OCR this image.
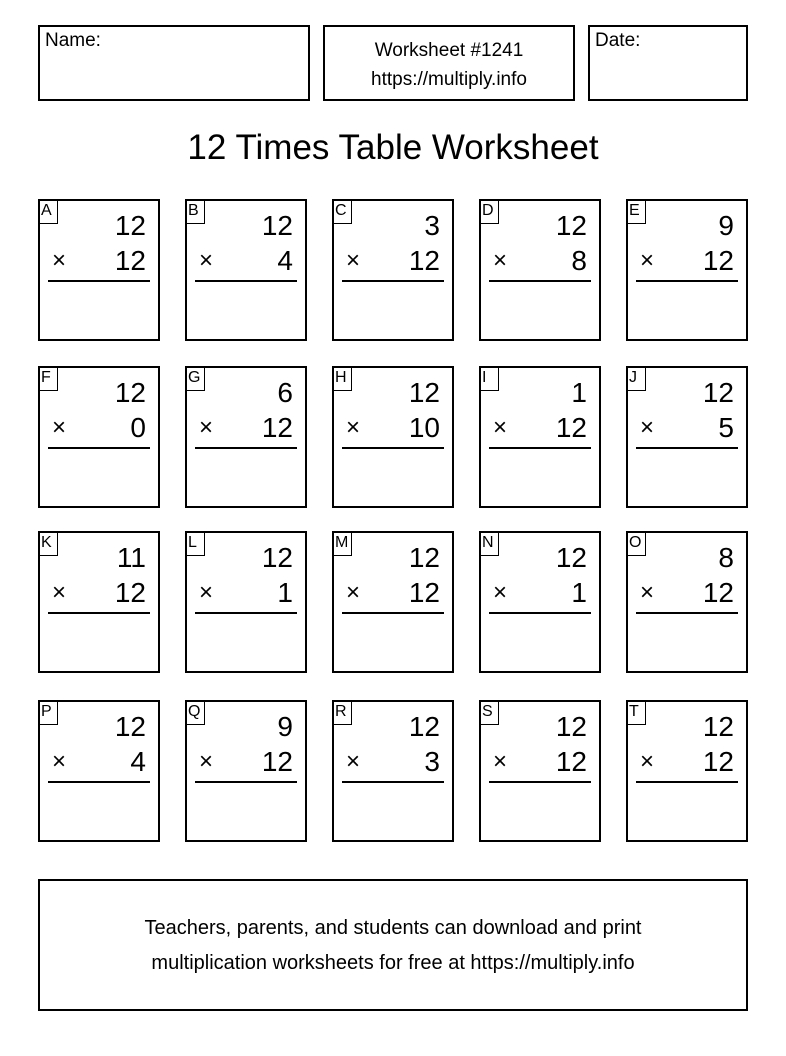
Name:	Worksheet #1241
https://multiply.info
Date:
12 Times Table Worksheet
A 12
× 12
B 12
× 4
C	3
× 12
D 12
× 8
E	9
× 12
F 12
× 0
G	6
× 12
H 12
× 10
I	1
× 12
J	12
× 5
K 11
× 12
L 12
× 1
M 12
× 12
N 12
× 1
O	8
× 12
P 12
× 4
Q	9
× 12
R 12
× 3
S 12
× 12
T 12
× 12
Teachers, parents, and students can download and print
multiplication worksheets for free at https://multiply.info
